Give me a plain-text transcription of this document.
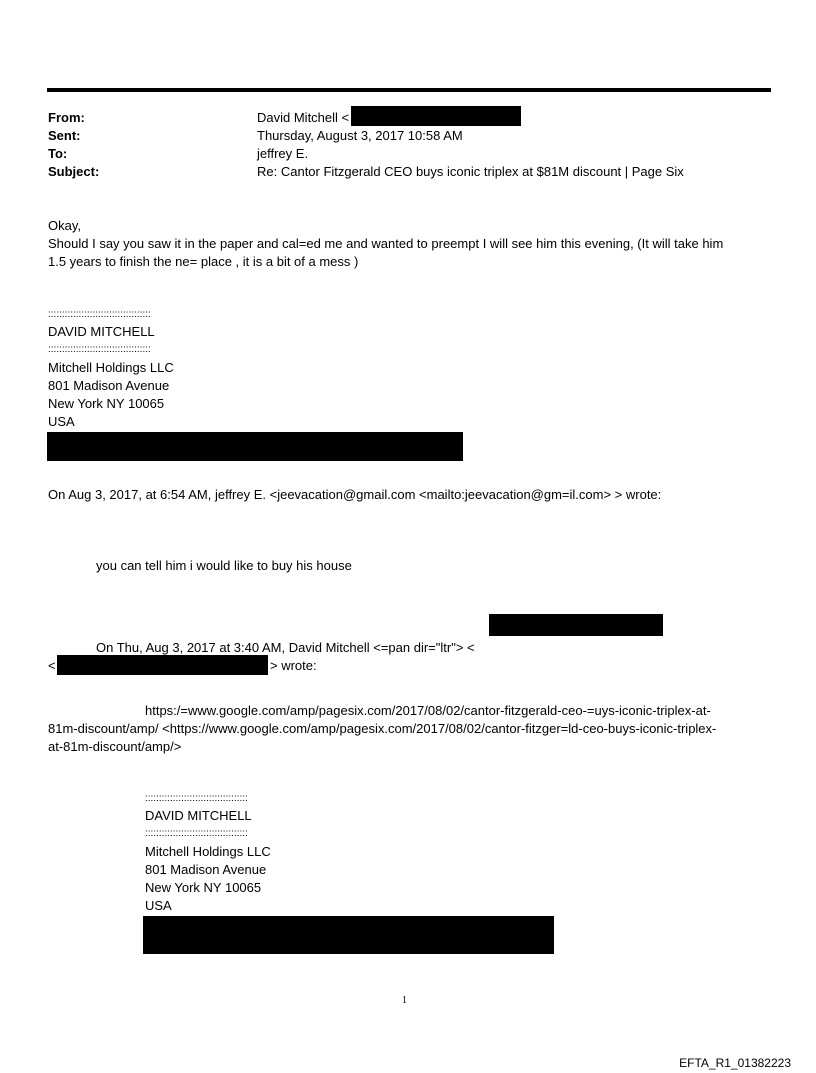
From:	David Mitchell <
Sent:	Thursday, August 3, 2017 10:58 AM
To:	jeffrey E.
Subject:	Re: Cantor Fitzgerald CEO buys iconic triplex at $81M discount | Page Six
Okay,
Should I say you saw it in the paper and cal=ed me and wanted to preempt I will see him this evening, (It will take him
1.5 years to finish the ne= place , it is a bit of a mess )
:::::::::::::::::::::::::::::::::::::
DAVID MITCHELL
:::::::::::::::::::::::::::::::::::::
Mitchell Holdings LLC
801 Madison Avenue
New York NY 10065
USA
On Aug 3, 2017, at 6:54 AM, jeffrey E. <jeevacation@gmail.com <mailto:jeevacation@gm=il.com> > wrote:
you can tell him i would like to buy his house
On Thu, Aug 3, 2017 at 3:40 AM, David Mitchell <=pan dir="ltr"> <
<	> wrote:
https:/=www.google.com/amp/pagesix.com/2017/08/02/cantor-fitzgerald-ceo-=uys-iconic-triplex-at-
81m-discount/amp/ <https://www.google.com/amp/pagesix.com/2017/08/02/cantor-fitzger=ld-ceo-buys-iconic-triplex-
at-81m-discount/amp/>
:::::::::::::::::::::::::::::::::::::
DAVID MITCHELL
:::::::::::::::::::::::::::::::::::::
Mitchell Holdings LLC
801 Madison Avenue
New York NY 10065
USA
1
EFTA_R1_01382223
